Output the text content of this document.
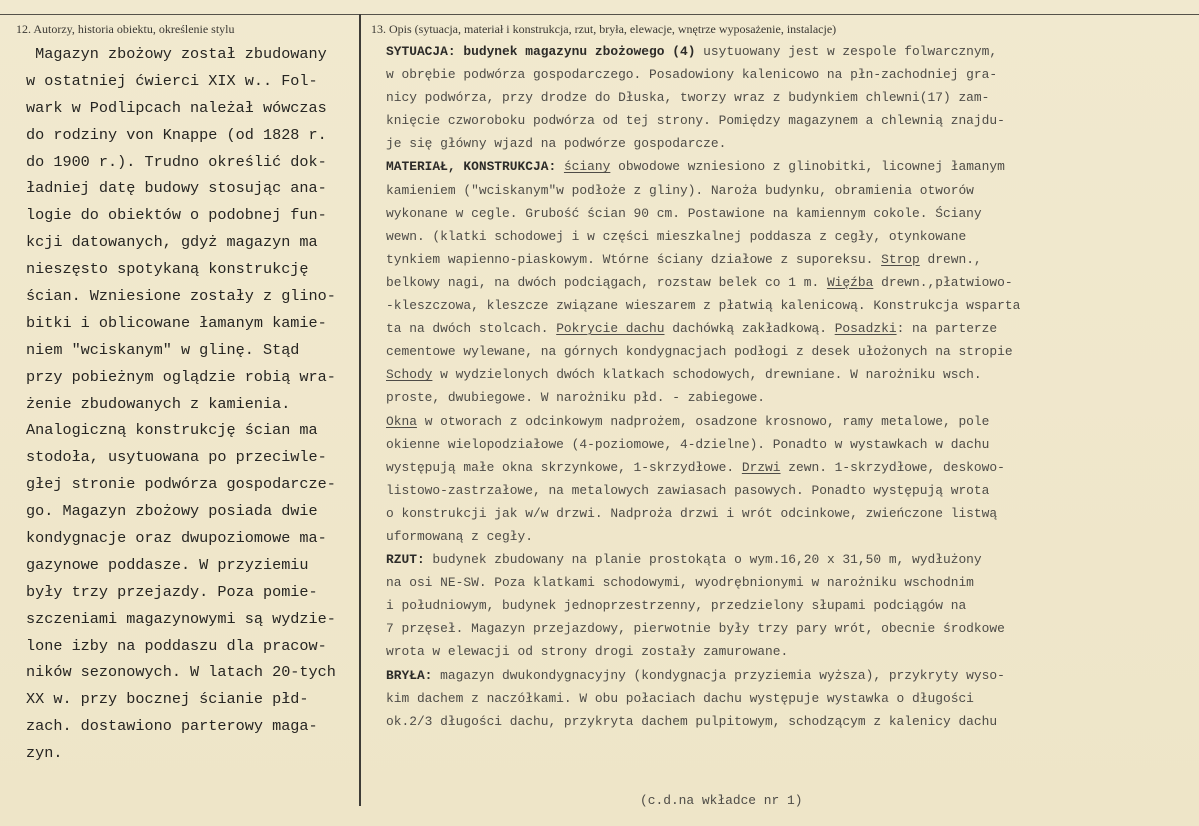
12. Autorzy, historia obiektu, określenie stylu	13. Opis (sytuacja, materiał i konstrukcja, rzut, bryła, elewacje, wnętrze wyposażenie, instalacje)
Magazyn zbożowy został zbudowany
w ostatniej ćwierci XIX w.. Fol-
wark w Podlipcach należał wówczas
do rodziny von Knappe (od 1828 r.
do 1900 r.). Trudno określić dok-
ładniej datę budowy stosując ana-
logie do obiektów o podobnej fun-
kcji datowanych, gdyż magazyn ma
nieszęsto spotykaną konstrukcję
ścian. Wzniesione zostały z glino-
bitki i oblicowane łamanym kamie-
niem "wciskanym" w glinę. Stąd
przy pobieżnym oglądzie robią wra-
żenie zbudowanych z kamienia.
Analogiczną konstrukcję ścian ma
stodoła, usytuowana po przeciwle-
głej stronie podwórza gospodarcze-
go. Magazyn zbożowy posiada dwie
kondygnacje oraz dwupoziomowe ma-
gazynowe poddasze. W przyziemiu
były trzy przejazdy. Poza pomie-
szczeniami magazynowymi są wydzie-
lone izby na poddaszu dla pracow-
ników sezonowych. W latach 20-tych
XX w. przy bocznej ścianie płd-
zach. dostawiono parterowy maga-
zyn.
SYTUACJA: budynek magazynu zbożowego (4) usytuowany jest w zespole folwarcznym,
w obrębie podwórza gospodarczego. Posadowiony kalenicowo na płn-zachodniej gra-
nicy podwórza, przy drodze do Dłuska, tworzy wraz z budynkiem chlewni(17) zam-
knięcie czworoboku podwórza od tej strony. Pomiędzy magazynem a chlewnią znajdu-
je się główny wjazd na podwórze gospodarcze.
MATERIAŁ, KONSTRUKCJA: ściany obwodowe wzniesiono z glinobitki, licownej łamanym
kamieniem ("wciskanym"w podłoże z gliny). Naroża budynku, obramienia otworów
wykonane w cegle. Grubość ścian 90 cm. Postawione na kamiennym cokole. Ściany
wewn. (klatki schodowej i w części mieszkalnej poddasza z cegły, otynkowane
tynkiem wapienno-piaskowym. Wtórne ściany działowe z suporeksu. Strop drewn.,
belkowy nagi, na dwóch podciągach, rozstaw belek co 1 m. Więźba drewn.,płatwiowo-
-kleszczowa, kleszcze związane wieszarem z płatwią kalenicową. Konstrukcja wsparta
ta na dwóch stolcach. Pokrycie dachu dachówką zakładkową. Posadzki: na parterze
cementowe wylewane, na górnych kondygnacjach podłogi z desek ułożonych na stropie
Schody w wydzielonych dwóch klatkach schodowych, drewniane. W narożniku wsch.
proste, dwubiegowe. W narożniku płd. - zabiegowe.
Okna w otworach z odcinkowym nadprożem, osadzone krosnowo, ramy metalowe, pole
okienne wielopodziałowe (4-poziomowe, 4-dzielne). Ponadto w wystawkach w dachu
występują małe okna skrzynkowe, 1-skrzydłowe. Drzwi zewn. 1-skrzydłowe, deskowo-
listowo-zastrzałowe, na metalowych zawiasach pasowych. Ponadto występują wrota
o konstrukcji jak w/w drzwi. Nadproża drzwi i wrót odcinkowe, zwieńczone listwą
uformowaną z cegły.
RZUT: budynek zbudowany na planie prostokąta o wym.16,20 x 31,50 m, wydłużony
na osi NE-SW. Poza klatkami schodowymi, wyodrębnionymi w narożniku wschodnim
i południowym, budynek jednoprzestrzenny, przedzielony słupami podciągów na
7 przęseł. Magazyn przejazdowy, pierwotnie były trzy pary wrót, obecnie środkowe
wrota w elewacji od strony drogi zostały zamurowane.
BRYŁA: magazyn dwukondygnacyjny (kondygnacja przyziemia wyższa), przykryty wyso-
kim dachem z naczółkami. W obu połaciach dachu występuje wystawka o długości
ok.2/3 długości dachu, przykryta dachem pulpitowym, schodzącym z kalenicy dachu
(c.d.na wkładce nr 1)
